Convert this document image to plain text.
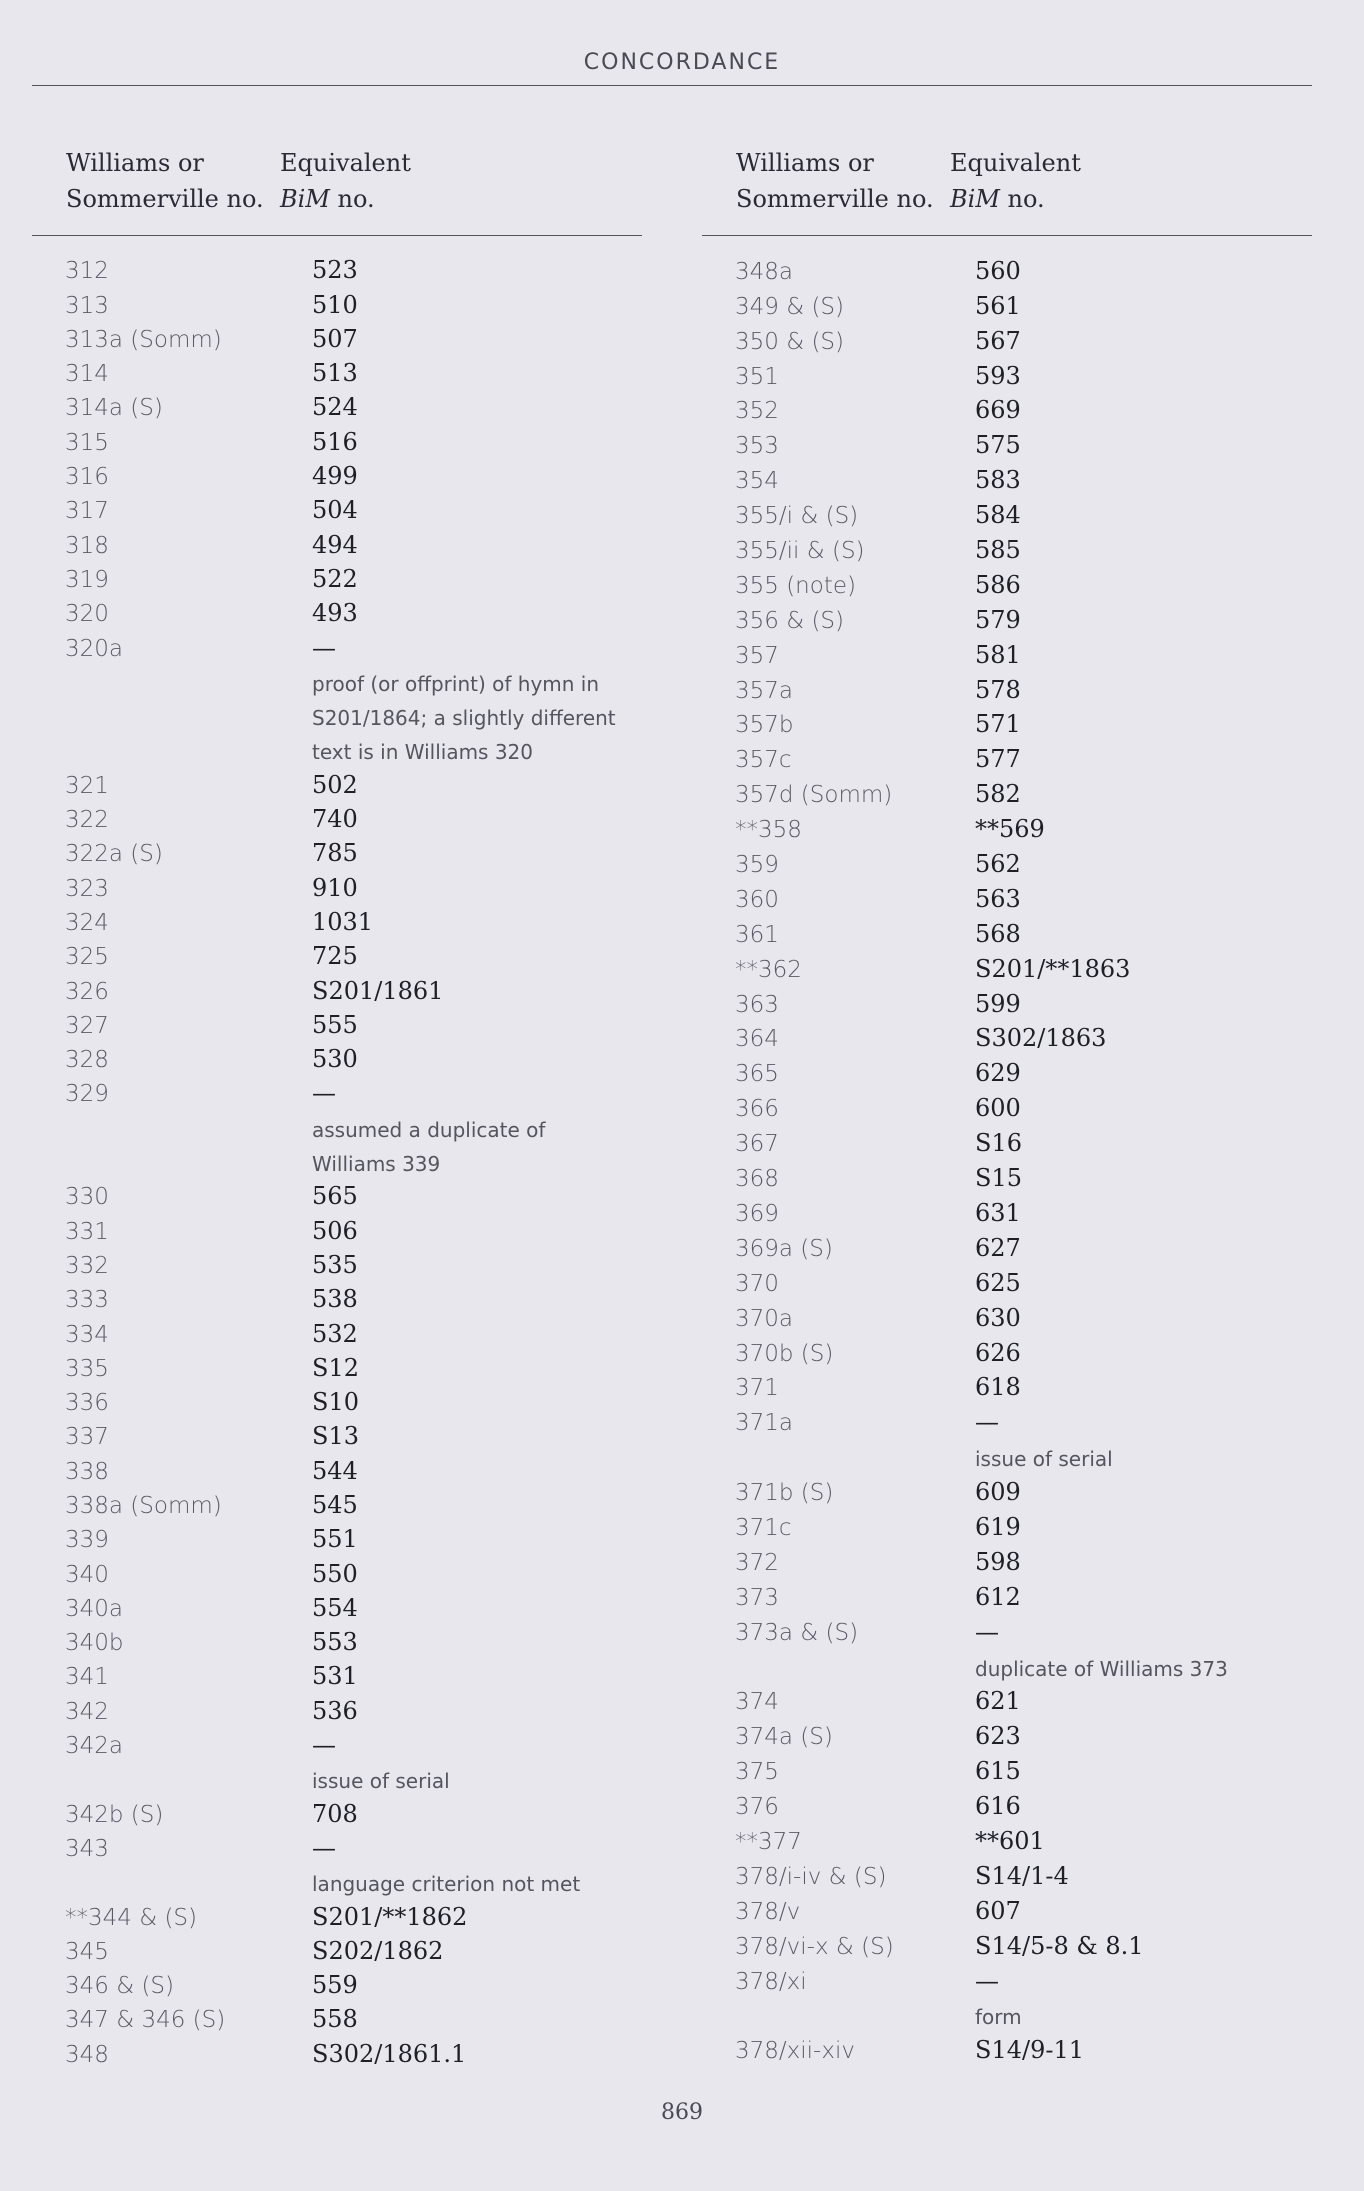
CONCORDANCE
Williams or
Sommerville no.
Equivalent
BiM no.
312	523
313	510
313a (Somm)	507
314	513
314a (S)	524
315	516
316	499
317	504
318	494
319	522
320	493
320a	—
proof (or offprint) of hymn in
S201/1864; a slightly different
text is in Williams 320
321	502
322	740
322a (S)	785
323	910
324	1031
325	725
326	S201/1861
327	555
328	530
329	—
assumed a duplicate of
Williams 339
330	565
331	506
332	535
333	538
334	532
335	S12
336	S10
337	S13
338	544
338a (Somm)	545
339	551
340	550
340a	554
340b	553
341	531
342	536
342a	—
issue of serial
342b (S)	708
343	—
language criterion not met
**344 & (S)	S201/**1862
345	S202/1862
346 & (S)	559
347 & 346 (S)	558
348	S302/1861.1
Williams or
Sommerville no.
Equivalent
BiM no.
348a	560
349 & (S)	561
350 & (S)	567
351	593
352	669
353	575
354	583
355/i & (S)	584
355/ii & (S)	585
355 (note)	586
356 & (S)	579
357	581
357a	578
357b	571
357c	577
357d (Somm)	582
**358	**569
359	562
360	563
361	568
**362	S201/**1863
363	599
364	S302/1863
365	629
366	600
367	S16
368	S15
369	631
369a (S)	627
370	625
370a	630
370b (S)	626
371	618
371a	—
issue of serial
371b (S)	609
371c	619
372	598
373	612
373a & (S)	—
duplicate of Williams 373
374	621
374a (S)	623
375	615
376	616
**377	**601
378/i-iv & (S)	S14/1-4
378/v	607
378/vi-x & (S)	S14/5-8 & 8.1
378/xi	—
form
378/xii-xiv	S14/9-11
869
